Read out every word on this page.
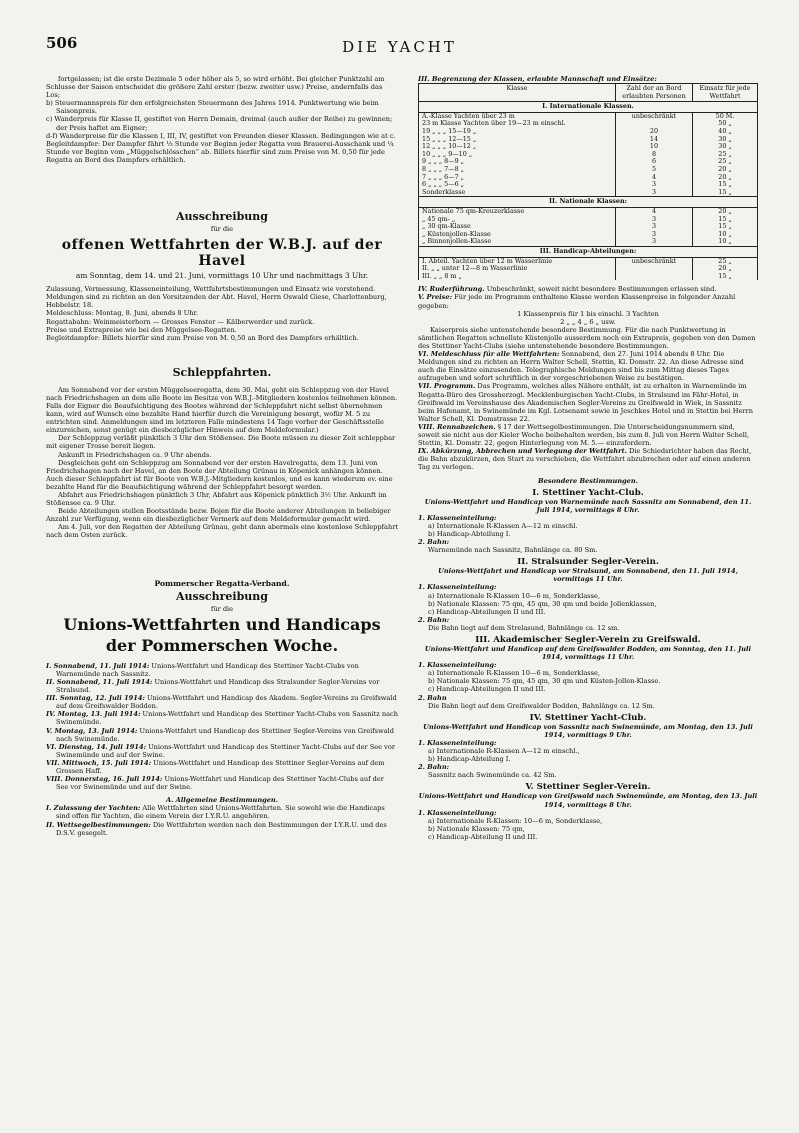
506	DIE YACHT

fortgelassen; ist die erste Dezimale 5 oder höher als 5, so wird erhöht. Bei gleicher Punktzahl am Schlusse der Saison entscheidet die größere Zahl erster (bezw. zweiter usw.) Preise, andernfalls das Los;

b) Steuermannspreis für den erfolgreichsten Steuermann des Jahres 1914. Punktwertung wie beim Saisonpreis.

c) Wanderpreis für Klasse II, gestiftet von Herrn Demain, dreimal (auch außer der Reihe) zu gewinnen; der Preis haftet am Eigner;

d-f) Wanderpreise für die Klassen I, III, IV, gestiftet von Freunden dieser Klassen. Bedingungen wie at c.

Begleitdampfer: Der Dampfer fährt ⅓ Stunde vor Beginn jeder Regatta vom Brauerei-Ausschank und ¼ Stunde vor Beginn vom „Müggelschlösschen“ ab. Billets hierfür sind zum Preise von M. 0,50 für jede Regatta an Bord des Dampfers erhältlich.

Ausschreibung

für die

offenen Wettfahrten der W.B.J. auf der Havel

am Sonntag, dem 14. und 21. Juni, vormittags 10 Uhr und nachmittags 3 Uhr.

Zulassung, Vermessung, Klasseneinteilung, Wettfahrtsbestimmungen und Einsatz wie vorstehend.

Meldungen sind zu richten an den Vorsitzenden der Abt. Havel, Herrn Oswald Giese, Charlottenburg, Hebbelstr. 18.

Meldeschluss: Montag, 8. Juni, abends 8 Uhr.

Regattabahn: Weinmeisterhorn — Grosses Fenster — Kälberwerder und zurück.

Preise und Extrapreise wie bei den Müggelsee-Regatten.

Begleitdampfer: Billets hierfür sind zum Preise von M. 0,50 an Bord des Dampfers erhältlich.

Schleppfahrten.

Am Sonnabend vor der ersten Müggelseeregatta, dem 30. Mai, geht ein Schleppzug von der Havel nach Friedrichshagen an dem alle Boote im Besitze von W.B.J.-Mitgliedern kostenlos teilnehmen können. Falls der Eigner die Beaufsichtigung des Bootes während der Schleppfahrt nicht selbst übernehmen kann, wird auf Wunsch eine bezahlte Hand hierfür durch die Vereinigung besorgt, wofür M. 5 zu entrichten sind. Anmeldungen sind im letzteren Falle mindestens 14 Tage vorher der Geschäftsstelle einzureichen, sonst genügt ein diesbezüglicher Hinweis auf dem Meldeformular.)

Der Schleppzug verläßt pünktlich 3 Uhr den Stößensee. Die Boote müssen zu dieser Zeit schleppbar mit eigener Trosse bereit liegen.

Ankunft in Friedrichshagen ca. 9 Uhr abends.

Desgleichen geht ein Schleppzug am Sonnabend vor der ersten Havelregatta, dem 13. Juni von Friedrichshagen nach der Havel, an den Boote der Abteilung Grünau in Köpenick anhängen können. Auch dieser Schleppfahrt ist für Boote von W.B.J.-Mitgliedern kostenlos, und es kann wiederum ev. eine bezahlte Hand für die Beaufsichtigung während der Schleppfahrt besorgt werden.

Abfahrt aus Friedrichshagen pünktlich 3 Uhr, Abfahrt aus Köpenick pünktlich 3½ Uhr. Ankunft im Stößensee ca. 9 Uhr.

Beide Abteilungen stellen Bootsstände bezw. Bojen für die Boote anderer Abteilungen in beliebiger Anzahl zur Verfügung, wenn ein diesbezüglicher Vermerk auf dem Meldeformular gemacht wird.

Am 4. Juli, vor den Regatten der Abteilung Grünau, geht dann abermals eine kostenlose Schleppfahrt nach dem Osten zurück.

Pommerscher Regatta-Verband.

Ausschreibung

für die

Unions-Wettfahrten und Handicaps
der Pommerschen Woche.

I. Sonnabend, 11. Juli 1914: Unions-Wettfahrt und Handicap des Stettiner Yacht-Clubs von Warnemünde nach Sassnitz.

II. Sonnabend, 11. Juli 1914: Unions-Wettfahrt und Handicap des Stralsunder Segler-Vereins vor Stralsund.

III. Sonntag, 12. Juli 1914: Unions-Wettfahrt und Handicap des Akadem. Segler-Vereins zu Greifswald auf dem Greifswalder Bodden.

IV. Montag, 13. Juli 1914: Unions-Wettfahrt und Handicap des Stettiner Yacht-Clubs von Sassnitz nach Swinemünde.

V. Montag, 13. Juli 1914: Unions-Wettfahrt und Handicap des Stettiner Segler-Vereins von Greifswald nach Swinemünde.

VI. Dienstag, 14. Juli 1914: Unions-Wettfahrt und Handicap des Stettiner Yacht-Clubs auf der See vor Swinemünde und auf der Swine.

VII. Mittwoch, 15. Juli 1914: Unions-Wettfahrt und Handicap des Stettiner Segler-Vereins auf dem Grossen Haff.

VIII. Donnerstag, 16. Juli 1914: Unions-Wettfahrt und Handicap des Stettiner Yacht-Clubs auf der See vor Swinemünde und auf der Swine.

A. Allgemeine Bestimmungen.

I. Zulassung der Yachten: Alle Wettfahrten sind Unions-Wettfahrten. Sie sowohl wie die Handicaps sind offen für Yachten, die einem Verein der I.Y.R.U. angehören.

II. Wettsegelbestimmungen: Die Wettfahrten werden nach den Bestimmungen der I.Y.R.U. und des D.S.V. gesegelt.

III. Begrenzung der Klassen, erlaubte Mannschaft und Einsätze:

Klasse	Zahl der an Bord erlaubten Personen	Einsatz für jede Wettfahrt
I. Internationale Klassen.		
A.-Klasse Yachten über 23 m	unbeschränkt	50 M.
23 m Klasse Yachten über 19—23 m einschl.		50 „
19 „ „ „ 15—19 „	20	40 „
15 „ „ „ 12—15 „	14	30 „
12 „ „ „ 10—12 „	10	30 „
10 „ „ „ 9—10 „	8	25 „
9 „ „ „ 8—9 „	6	25 „
8 „ „ „ 7—8 „	5	20 „
7 „ „ „ 6—7 „	4	20 „
6 „ „ „ 5—6 „	3	15 „
Sonderklasse	3	15 „
II. Nationale Klassen:		
Nationale 75 qm-Kreuzerklasse	4	20 „
„ 45 qm- „	3	15 „
„ 30 qm-Klasse	3	15 „
„ Küstenjollen-Klasse	3	10 „
„ Binnenjollen-Klasse	3	10 „
III. Handicap-Abteilungen:		
I. Abteil. Yachten über 12 m Wasserlinie	unbeschränkt	25 „
II. „ „ unter 12—8 m Wasserlinie		20 „
III. „ „ 8 m „		15 „

IV. Ruderführung. Unbeschränkt, soweit nicht besondere Bestimmungen erlassen sind.

V. Preise: Für jede im Programm enthaltene Klasse werden Klassenpreise in folgender Anzahl gegeben:

1 Klassenpreis für 1 bis einschl. 3 Yachten

2 „ „ 4 „ 6 „ usw.

Kaiserpreis siehe untenstehende besondere Bestimmung. Für die nach Punktwertung in sämtlichen Regatten schnellste Küstenjolle ausserdem noch ein Extrapreis, gegeben von den Damen des Stettiner Yacht-Clubs (siehe untenstehende besondere Bestimmungen.

VI. Meldeschluss für alle Wettfahrten: Sonnabend, den 27. Juni 1914 abends 8 Uhr. Die Meldungen sind zu richten an Herrn Walter Schell, Stettin, Kl. Domstr. 22. An diese Adresse sind auch die Einsätze einzusenden. Telegraphische Meldungen sind bis zum Mittag dieses Tages aufzugeben und sofort schriftlich in der vorgeschriebenen Weise zu bestätigen.

VII. Programm. Das Programm, welches alles Nähere enthält, ist zu erhalten in Warnemünde im Regatta-Büro des Grossherzogl. Mecklenburgischen Yacht-Clubs, in Stralsund im Fähr-Hotel, in Greifswald im Vereinshause des Akademischen Segler-Vereins zu Greifswald in Wiek, in Sassnitz beim Hafenamt, in Swinemünde im Kgl. Lotsenamt sowie in Jeschkes Hotel und in Stettin bei Herrn Walter Schell, Kl. Domstrasse 22.

VIII. Rennabzeichen. § 17 der Wettsegelbestimmungen. Die Unterscheidungsnummern sind, soweit sie nicht aus der Kieler Woche beibehalten werden, bis zum 8. Juli von Herrn Walter Schell, Stettin, Kl. Domstr. 22, gegen Hinterlegung von M. 5.— einzufordern.

IX. Abkürzung, Abbrechen und Verlegung der Wettfahrt. Die Schiedsrichter haben das Recht, die Bahn abzukürzen, den Start zu verschieben, die Wettfahrt abzubrechen oder auf einen anderen Tag zu verlegen.

Besondere Bestimmungen.

I. Stettiner Yacht-Club.

Unions-Wettfahrt und Handicap von Warnemünde nach Sassnitz am Sonnabend, den 11. Juli 1914, vormittags 8 Uhr.

1. Klasseneinteilung:

a) Internationale R-Klassen A—12 m einschl.

b) Handicap-Abteilung I.

2. Bahn:

Warnemünde nach Sassnitz, Bahnlänge ca. 80 Sm.

II. Stralsunder Segler-Verein.

Unions-Wettfahrt und Handicap vor Stralsund, am Sonnabend, den 11. Juli 1914, vormittags 11 Uhr.

1. Klasseneinteilung:

a) Internationale R-Klassen 10—6 m, Sonderklasse,

b) Nationale Klassen: 75 qm, 45 qm, 30 qm und beide Jollenklassen,

c) Handicap-Abteilungen II und III.

2. Bahn:

Die Bahn liegt auf dem Strelasund, Bahnlänge ca. 12 sm.

III. Akademischer Segler-Verein zu Greifswald.

Unions-Wettfahrt und Handicap auf dem Greifswalder Bodden, am Sonntag, den 11. Juli 1914, vormittags 11 Uhr.

1. Klasseneinteilung:

a) Internationale R-Klassen 10—6 m, Sonderklasse,

b) Nationale Klassen: 75 qm, 45 qm, 30 qm und Küsten-Jollen-Klasse.

c) Handicap-Abteilungen II und III.

2. Bahn

Die Bahn liegt auf dem Greifswalder Bodden, Bahnlänge ca. 12 Sm.

IV. Stettiner Yacht-Club.

Unions-Wettfahrt und Handicap von Sassnitz nach Swinemünde, am Montag, den 13. Juli 1914, vormittags 9 Uhr.

1. Klasseneinteilung:

a) Internationale R-Klassen A—12 m einschl.,

b) Handicap-Abteilung I.

2. Bahn:

Sassnitz nach Swinemünde ca. 42 Sm.

V. Stettiner Segler-Verein.

Unions-Wettfahrt und Handicap von Greifswald nach Swinemünde, am Montag, den 13. Juli 1914, vormittags 8 Uhr.

1. Klasseneinteilung:

a) Internationale R-Klassen: 10—6 m, Sonderklasse,

b) Nationale Klassen: 75 qm,

c) Handicap-Abteilung II und III.
